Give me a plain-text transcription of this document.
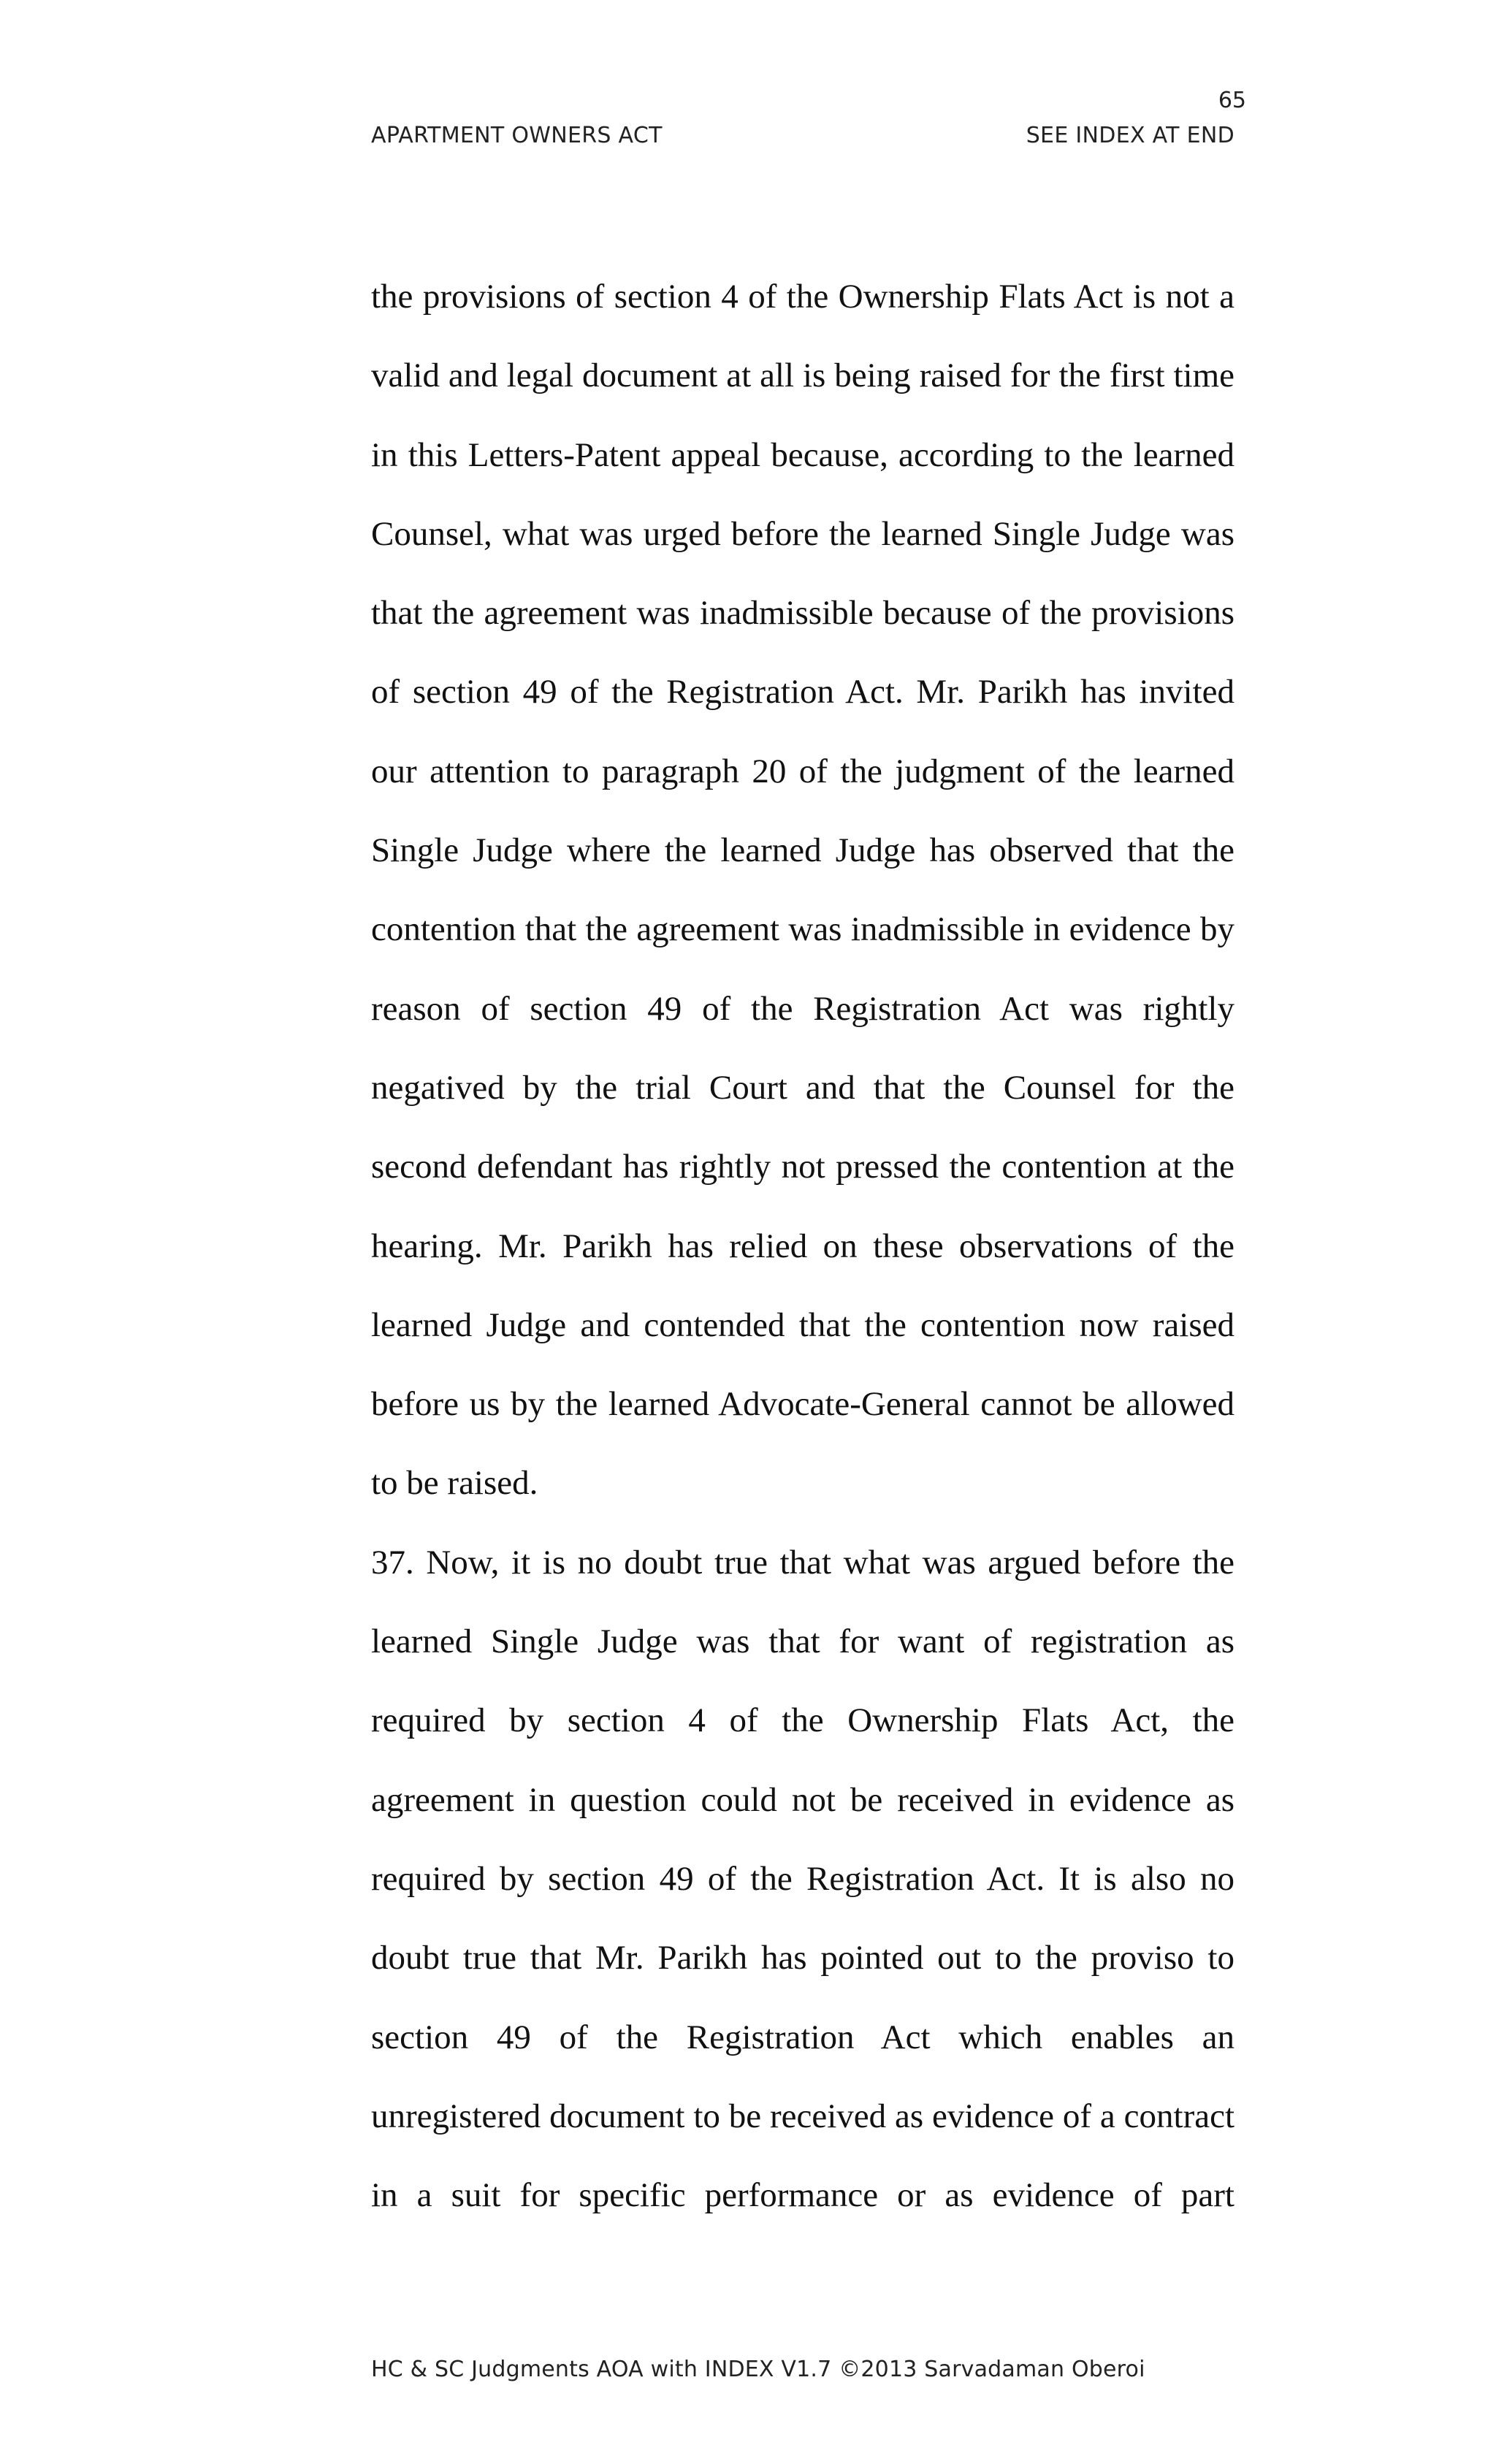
65
APARTMENT OWNERS ACT	SEE INDEX AT END
the provisions of section 4 of the Ownership Flats Act is not a
valid and legal document at all is being raised for the first time
in this Letters-Patent appeal because, according to the learned
Counsel, what was urged before the learned Single Judge was
that the agreement was inadmissible because of the provisions
of section 49 of the Registration Act. Mr. Parikh has invited
our attention to paragraph 20 of the judgment of the learned
Single Judge where the learned Judge has observed that the
contention that the agreement was inadmissible in evidence by
reason of section 49 of the Registration Act was rightly
negatived by the trial Court and that the Counsel for the
second defendant has rightly not pressed the contention at the
hearing. Mr. Parikh has relied on these observations of the
learned Judge and contended that the contention now raised
before us by the learned Advocate-General cannot be allowed
to be raised.
37. Now, it is no doubt true that what was argued before the
learned Single Judge was that for want of registration as
required by section 4 of the Ownership Flats Act, the
agreement in question could not be received in evidence as
required by section 49 of the Registration Act. It is also no
doubt true that Mr. Parikh has pointed out to the proviso to
section 49 of the Registration Act which enables an
unregistered document to be received as evidence of a contract
in a suit for specific performance or as evidence of part
HC & SC Judgments AOA with INDEX V1.7 ©2013 Sarvadaman Oberoi
